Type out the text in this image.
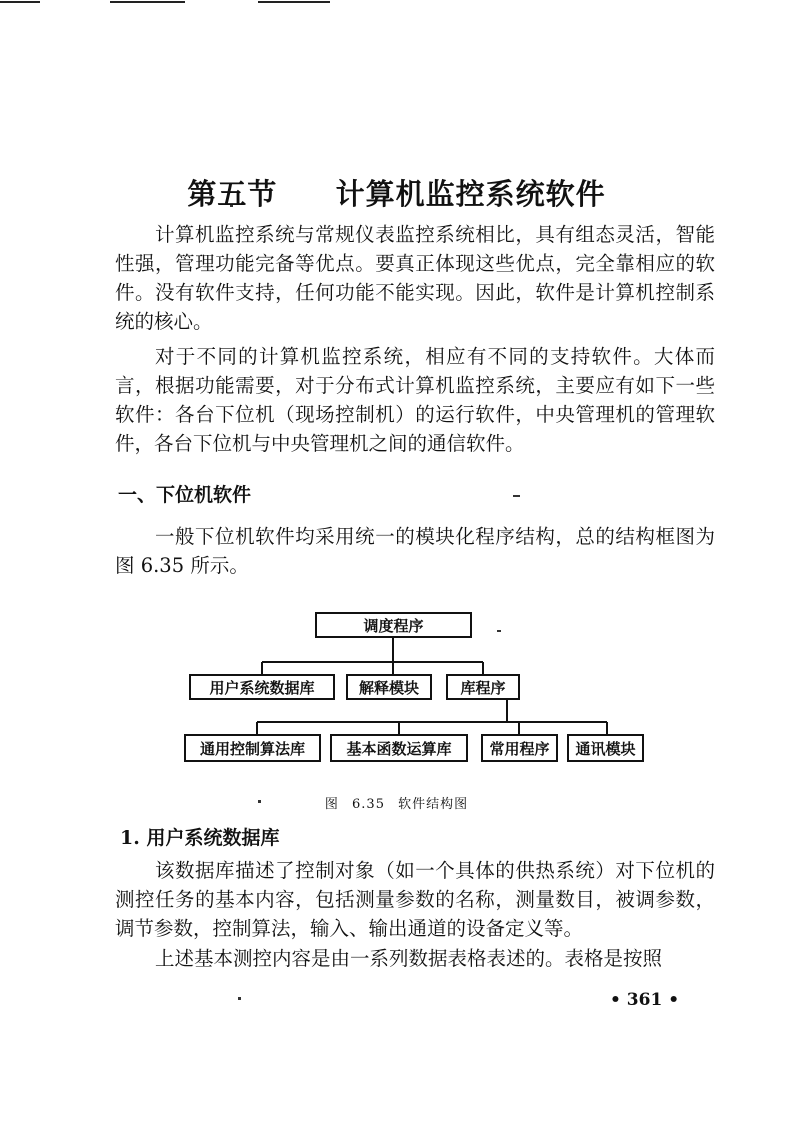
第五节  计算机监控系统软件

计算机监控系统与常规仪表监控系统相比，具有组态灵活，智能性强，管理功能完备等优点。要真正体现这些优点，完全靠相应的软件。没有软件支持，任何功能不能实现。因此，软件是计算机控制系统的核心。

对于不同的计算机监控系统，相应有不同的支持软件。大体而言，根据功能需要，对于分布式计算机监控系统，主要应有如下一些软件：各台下位机（现场控制机）的运行软件，中央管理机的管理软件，各台下位机与中央管理机之间的通信软件。

一、下位机软件

一般下位机软件均采用统一的模块化程序结构，总的结构框图为图 6.35 所示。

调度程序
用户系统数据库	解释模块	库程序
通用控制算法库	基本函数运算库	常用程序	通讯模块
图 6.35 软件结构图
1. 用户系统数据库

该数据库描述了控制对象（如一个具体的供热系统）对下位机的测控任务的基本内容，包括测量参数的名称，测量数目，被调参数，调节参数，控制算法，输入、输出通道的设备定义等。

上述基本测控内容是由一系列数据表格表述的。表格是按照

• 361 •
